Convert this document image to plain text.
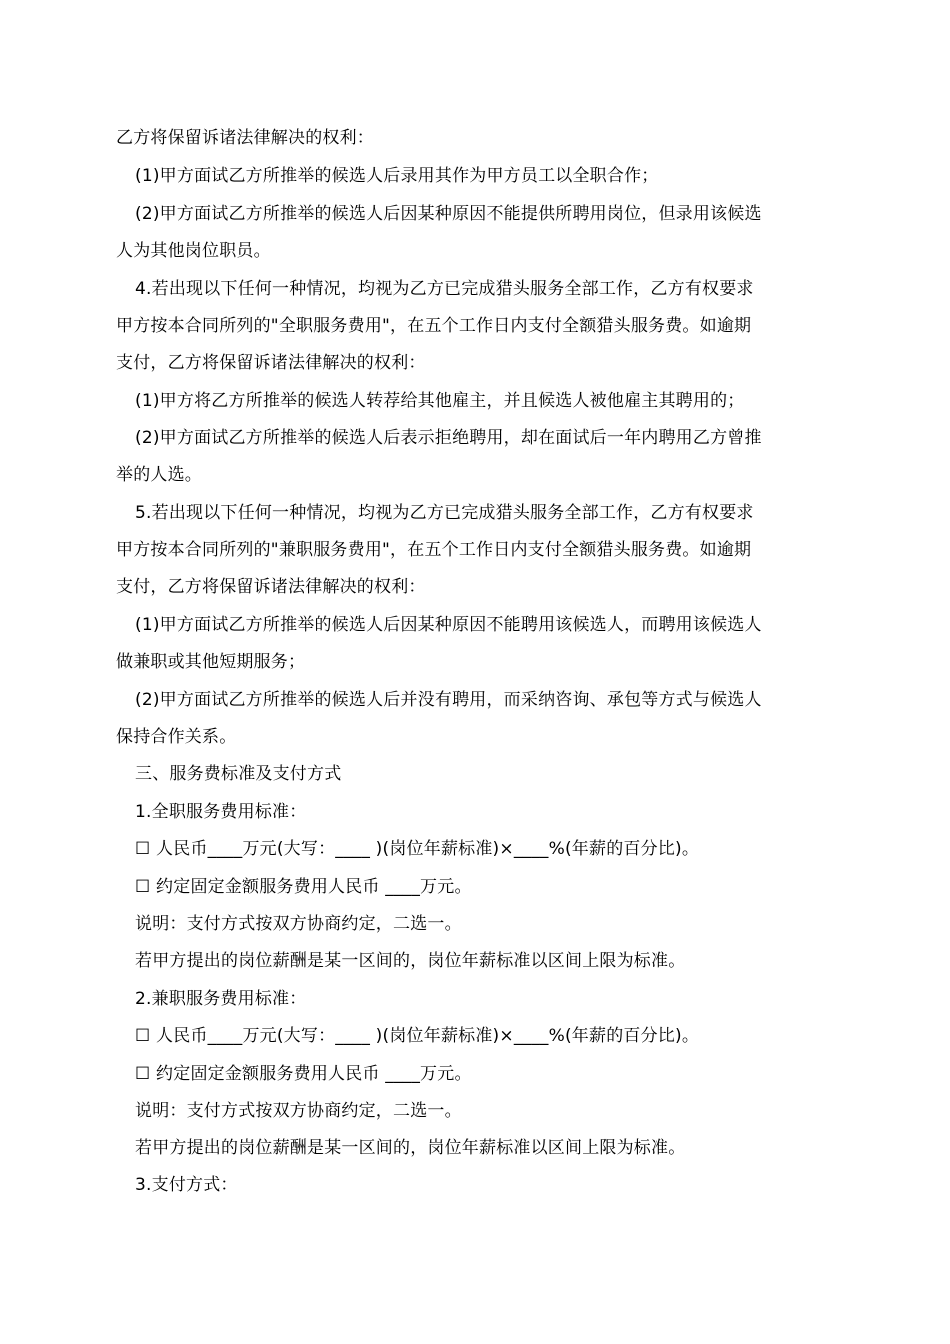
乙方将保留诉诸法律解决的权利：
(1)甲方面试乙方所推举的候选人后录用其作为甲方员工以全职合作；
(2)甲方面试乙方所推举的候选人后因某种原因不能提供所聘用岗位，但录用该候选
人为其他岗位职员。
4.若出现以下任何一种情况，均视为乙方已完成猎头服务全部工作，乙方有权要求
甲方按本合同所列的"全职服务费用"，在五个工作日内支付全额猎头服务费。如逾期
支付，乙方将保留诉诸法律解决的权利：
(1)甲方将乙方所推举的候选人转荐给其他雇主，并且候选人被他雇主其聘用的；
(2)甲方面试乙方所推举的候选人后表示拒绝聘用，却在面试后一年内聘用乙方曾推
举的人选。
5.若出现以下任何一种情况，均视为乙方已完成猎头服务全部工作，乙方有权要求
甲方按本合同所列的"兼职服务费用"，在五个工作日内支付全额猎头服务费。如逾期
支付，乙方将保留诉诸法律解决的权利：
(1)甲方面试乙方所推举的候选人后因某种原因不能聘用该候选人，而聘用该候选人
做兼职或其他短期服务；
(2)甲方面试乙方所推举的候选人后并没有聘用，而采纳咨询、承包等方式与候选人
保持合作关系。
三、服务费标准及支付方式
1.全职服务费用标准：
☐ 人民币____万元(大写：____ )(岗位年薪标准)×____%(年薪的百分比)。
☐ 约定固定金额服务费用人民币 ____万元。
说明：支付方式按双方协商约定，二选一。
若甲方提出的岗位薪酬是某一区间的，岗位年薪标准以区间上限为标准。
2.兼职服务费用标准：
☐ 人民币____万元(大写：____ )(岗位年薪标准)×____%(年薪的百分比)。
☐ 约定固定金额服务费用人民币 ____万元。
说明：支付方式按双方协商约定，二选一。
若甲方提出的岗位薪酬是某一区间的，岗位年薪标准以区间上限为标准。
3.支付方式：
